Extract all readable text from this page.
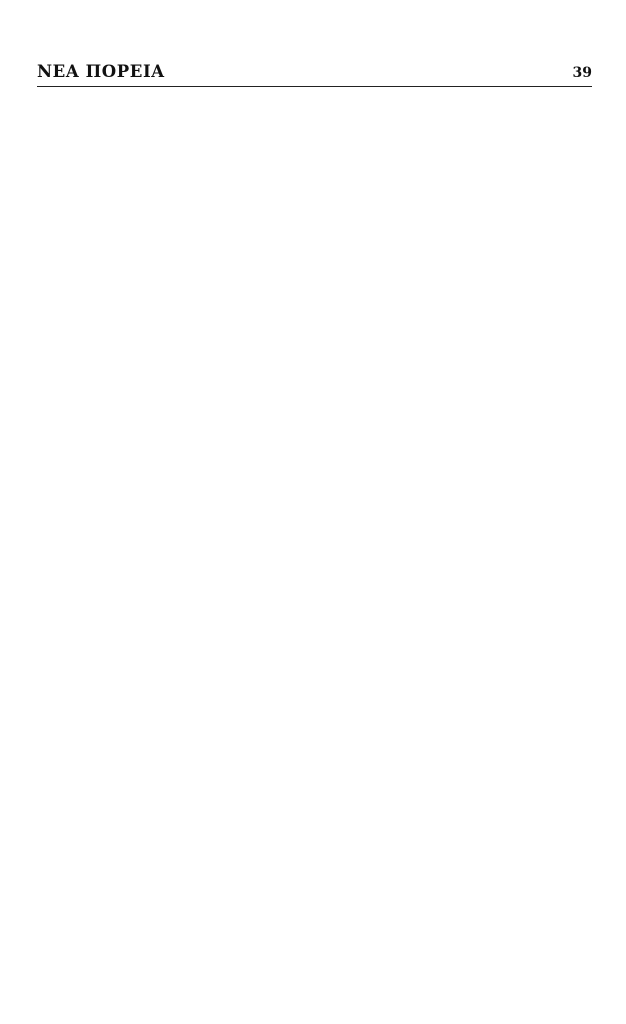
ΝΕΑ ΠΟΡΕΙΑ	39
